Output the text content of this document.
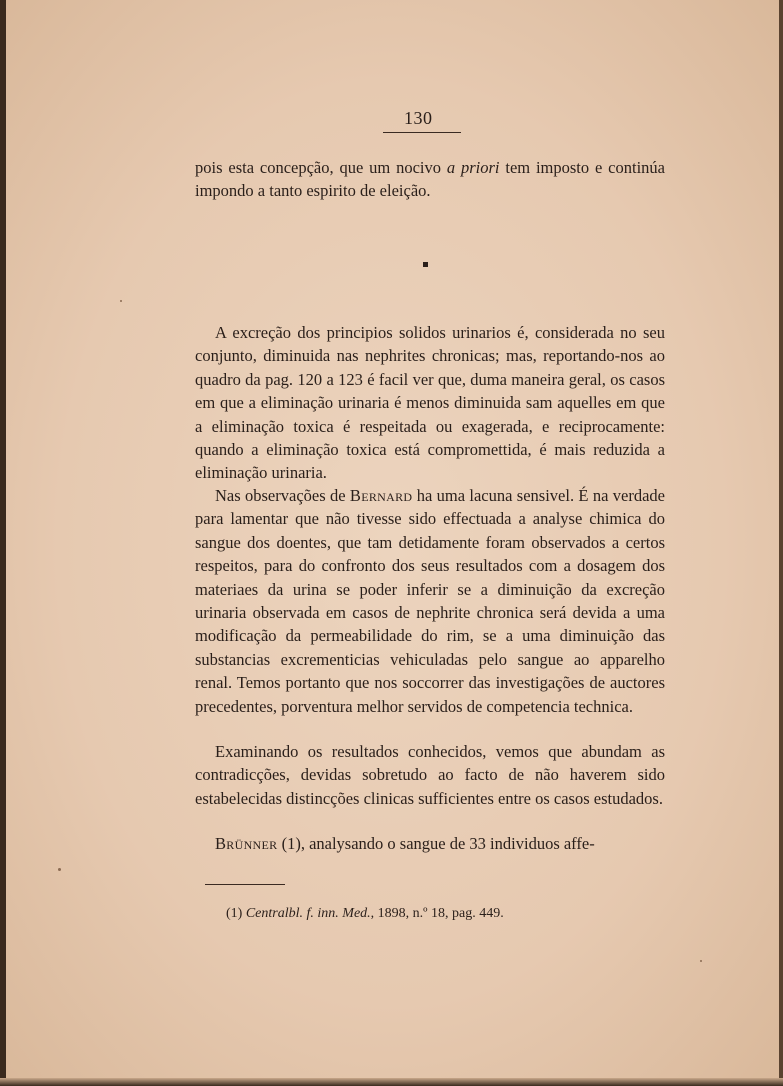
130

pois esta concepção, que um nocivo a priori tem imposto e continúa impondo a tanto espirito de eleição.

A excreção dos principios solidos urinarios é, considerada no seu conjunto, diminuida nas nephrites chronicas; mas, reportando-nos ao quadro da pag. 120 a 123 é facil ver que, duma maneira geral, os casos em que a eliminação urinaria é menos diminuida sam aquelles em que a eliminação toxica é respeitada ou exagerada, e reciprocamente: quando a eliminação toxica está compromettida, é mais reduzida a eliminação urinaria.

Nas observações de Bernard ha uma lacuna sensivel. É na verdade para lamentar que não tivesse sido effectuada a analyse chimica do sangue dos doentes, que tam detidamente foram observados a certos respeitos, para do confronto dos seus resultados com a dosagem dos materiaes da urina se poder inferir se a diminuição da excreção urinaria observada em casos de nephrite chronica será devida a uma modificação da permeabilidade do rim, se a uma diminuição das substancias excrementicias vehiculadas pelo sangue ao apparelho renal. Temos portanto que nos soccorrer das investigações de auctores precedentes, porventura melhor servidos de competencia technica.

Examinando os resultados conhecidos, vemos que abundam as contradicções, devidas sobretudo ao facto de não haverem sido estabelecidas distincções clinicas sufficientes entre os casos estudados.

Brünner (1), analysando o sangue de 33 individuos affe-

(1) Centralbl. f. inn. Med., 1898, n.º 18, pag. 449.
